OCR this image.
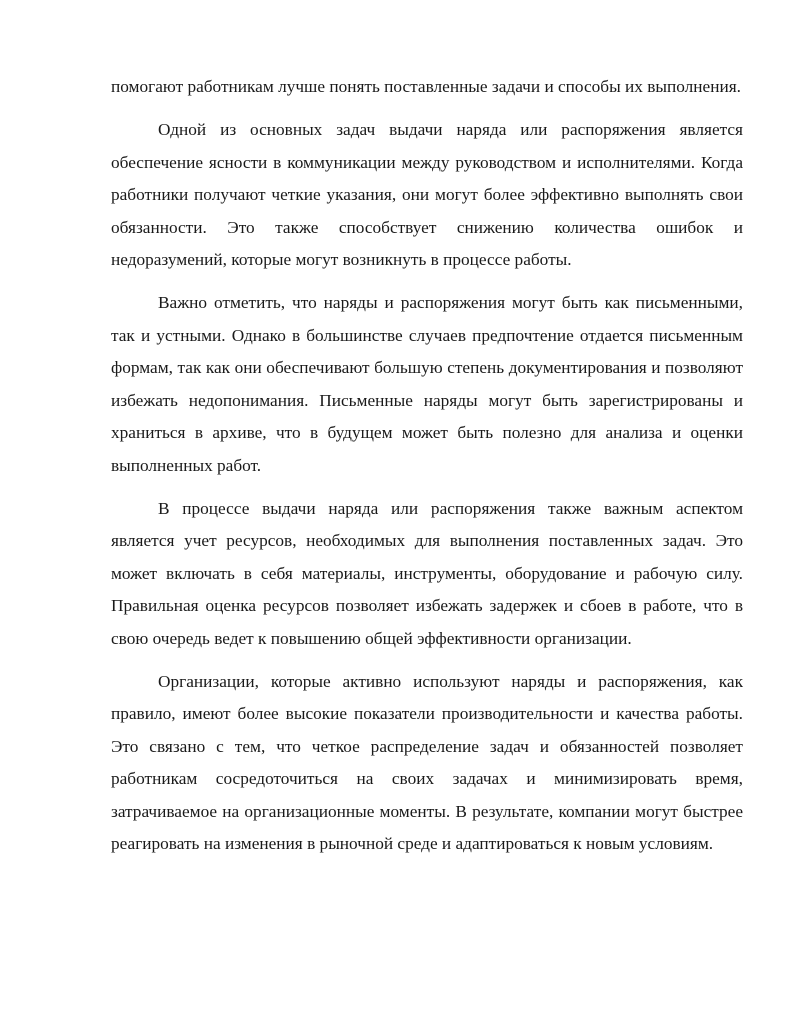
помогают работникам лучше понять поставленные задачи и способы их выполнения.

Одной из основных задач выдачи наряда или распоряжения является обеспечение ясности в коммуникации между руководством и исполнителями. Когда работники получают четкие указания, они могут более эффективно выполнять свои обязанности. Это также способствует снижению количества ошибок и недоразумений, которые могут возникнуть в процессе работы.

Важно отметить, что наряды и распоряжения могут быть как письменными, так и устными. Однако в большинстве случаев предпочтение отдается письменным формам, так как они обеспечивают большую степень документирования и позволяют избежать недопонимания. Письменные наряды могут быть зарегистрированы и храниться в архиве, что в будущем может быть полезно для анализа и оценки выполненных работ.

В процессе выдачи наряда или распоряжения также важным аспектом является учет ресурсов, необходимых для выполнения поставленных задач. Это может включать в себя материалы, инструменты, оборудование и рабочую силу. Правильная оценка ресурсов позволяет избежать задержек и сбоев в работе, что в свою очередь ведет к повышению общей эффективности организации.

Организации, которые активно используют наряды и распоряжения, как правило, имеют более высокие показатели производительности и качества работы. Это связано с тем, что четкое распределение задач и обязанностей позволяет работникам сосредоточиться на своих задачах и минимизировать время, затрачиваемое на организационные моменты. В результате, компании могут быстрее реагировать на изменения в рыночной среде и адаптироваться к новым условиям.
